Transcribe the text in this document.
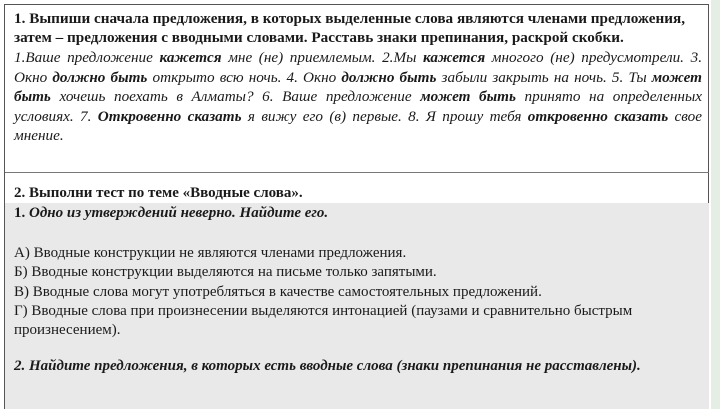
1. Выпиши сначала предложения, в которых выделенные слова являются членами предложения, затем – предложения с вводными словами. Расставь знаки препинания, раскрой скобки.

1.Ваше предложение кажется мне (не) приемлемым. 2.Мы кажется многого (не) предусмотрели. 3. Окно должно быть открыто всю ночь. 4. Окно должно быть забыли закрыть на ночь. 5. Ты может быть хочешь поехать в Алматы? 6. Ваше предложение может быть принято на определенных условиях. 7. Откровенно сказать я вижу его (в) первые. 8. Я прошу тебя откровенно сказать свое мнение.

2. Выполни тест по теме «Вводные слова».

1. Одно из утверждений неверно. Найдите его.

А) Вводные конструкции не являются членами предложения.
Б) Вводные конструкции выделяются на письме только запятыми.
В) Вводные слова могут употребляться в качестве самостоятельных предложений.
Г) Вводные слова при произнесении выделяются интонацией (паузами и сравнительно быстрым произнесением).

2. Найдите предложения, в которых есть вводные слова (знаки препинания не расставлены).
